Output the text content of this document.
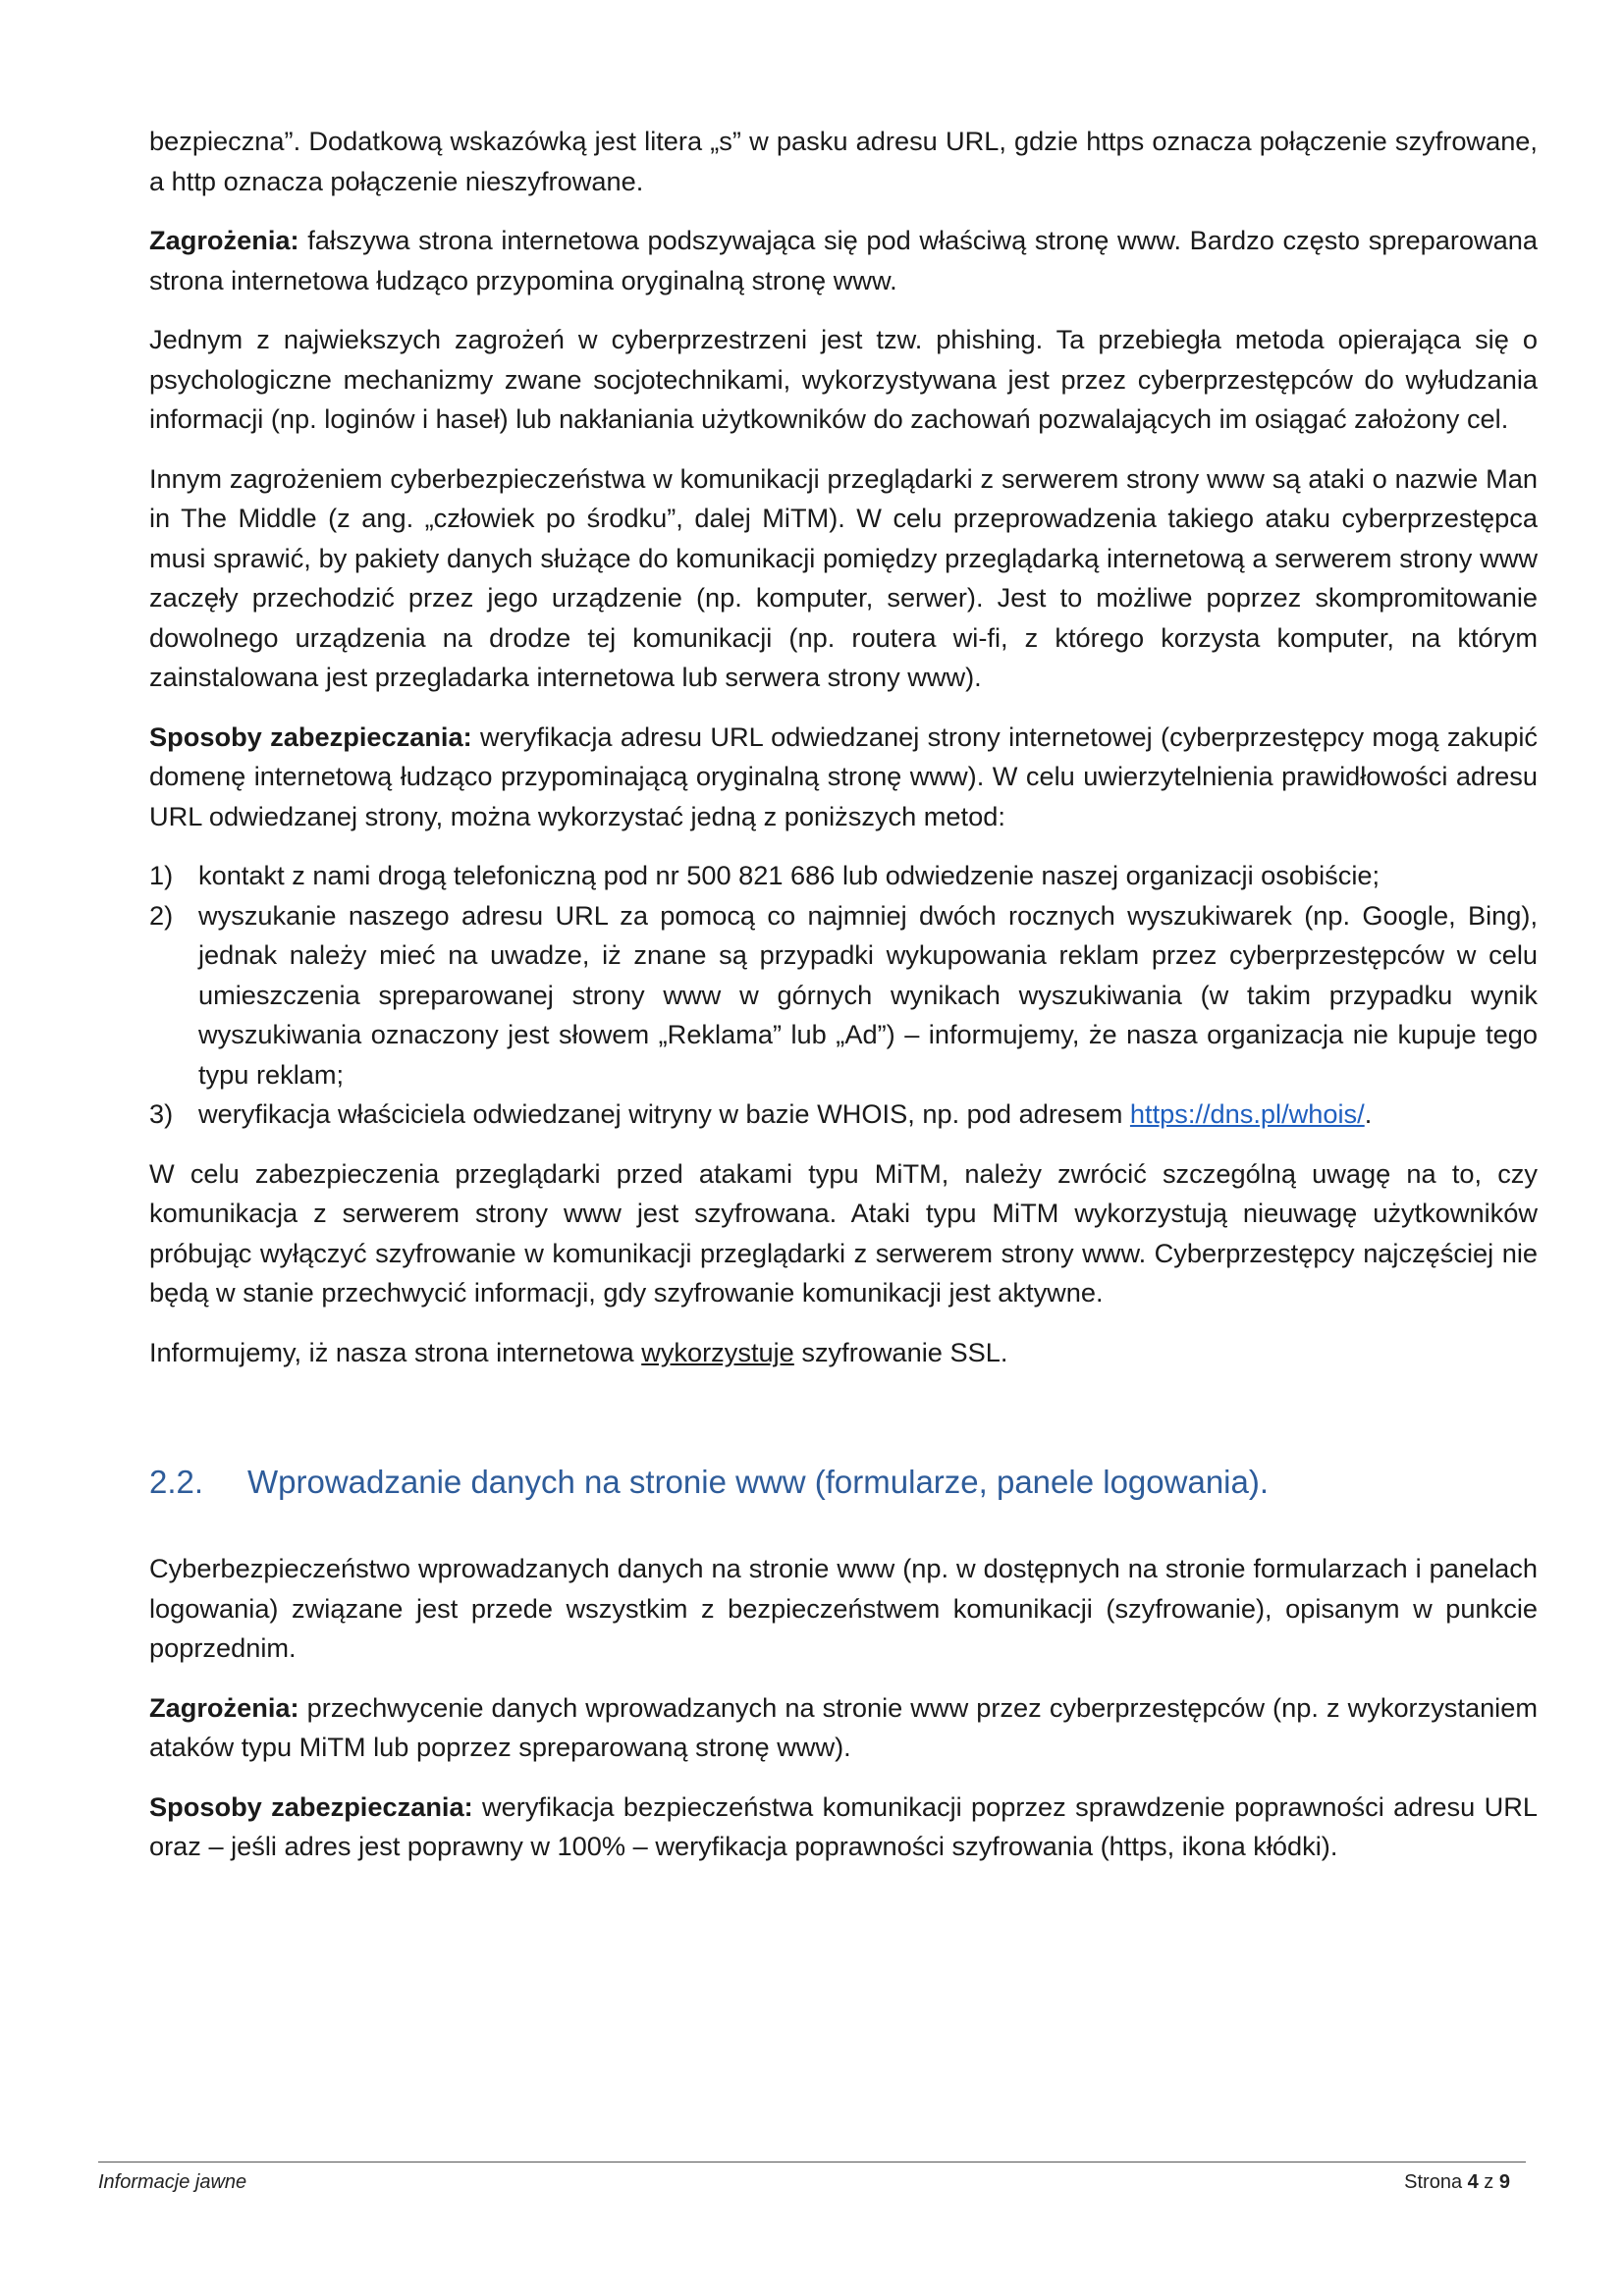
bezpieczna”. Dodatkową wskazówką jest litera „s” w pasku adresu URL, gdzie https oznacza połączenie szyfrowane, a http oznacza połączenie nieszyfrowane.

Zagrożenia: fałszywa strona internetowa podszywająca się pod właściwą stronę www. Bardzo często spreparowana strona internetowa łudząco przypomina oryginalną stronę www.

Jednym z najwiekszych zagrożeń w cyberprzestrzeni jest tzw. phishing. Ta przebiegła metoda opierająca się o psychologiczne mechanizmy zwane socjotechnikami, wykorzystywana jest przez cyberprzestępców do wyłudzania informacji (np. loginów i haseł) lub nakłaniania użytkowników do zachowań pozwalających im osiągać założony cel.

Innym zagrożeniem cyberbezpieczeństwa w komunikacji przeglądarki z serwerem strony www są ataki o nazwie Man in The Middle (z ang. „człowiek po środku”, dalej MiTM). W celu przeprowadzenia takiego ataku cyberprzestępca musi sprawić, by pakiety danych służące do komunikacji pomiędzy przeglądarką internetową a serwerem strony www zaczęły przechodzić przez jego urządzenie (np. komputer, serwer). Jest to możliwe poprzez skompromitowanie dowolnego urządzenia na drodze tej komunikacji (np. routera wi-fi, z którego korzysta komputer, na którym zainstalowana jest przegladarka internetowa lub serwera strony www).

Sposoby zabezpieczania: weryfikacja adresu URL odwiedzanej strony internetowej (cyberprzestępcy mogą zakupić domenę internetową łudząco przypominającą oryginalną stronę www). W celu uwierzytelnienia prawidłowości adresu URL odwiedzanej strony, można wykorzystać jedną z poniższych metod:

1) kontakt z nami drogą telefoniczną pod nr 500 821 686 lub odwiedzenie naszej organizacji osobiście;
2) wyszukanie naszego adresu URL za pomocą co najmniej dwóch rocznych wyszukiwarek (np. Google, Bing), jednak należy mieć na uwadze, iż znane są przypadki wykupowania reklam przez cyberprzestępców w celu umieszczenia spreparowanej strony www w górnych wynikach wyszukiwania (w takim przypadku wynik wyszukiwania oznaczony jest słowem „Reklama” lub „Ad”) – informujemy, że nasza organizacja nie kupuje tego typu reklam;
3) weryfikacja właściciela odwiedzanej witryny w bazie WHOIS, np. pod adresem https://dns.pl/whois/.

W celu zabezpieczenia przeglądarki przed atakami typu MiTM, należy zwrócić szczególną uwagę na to, czy komunikacja z serwerem strony www jest szyfrowana. Ataki typu MiTM wykorzystują nieuwagę użytkowników próbując wyłączyć szyfrowanie w komunikacji przeglądarki z serwerem strony www. Cyberprzestępcy najczęściej nie będą w stanie przechwycić informacji, gdy szyfrowanie komunikacji jest aktywne.

Informujemy, iż nasza strona internetowa wykorzystuje szyfrowanie SSL.

2.2. Wprowadzanie danych na stronie www (formularze, panele logowania).

Cyberbezpieczeństwo wprowadzanych danych na stronie www (np. w dostępnych na stronie formularzach i panelach logowania) związane jest przede wszystkim z bezpieczeństwem komunikacji (szyfrowanie), opisanym w punkcie poprzednim.

Zagrożenia: przechwycenie danych wprowadzanych na stronie www przez cyberprzestępców (np. z wykorzystaniem ataków typu MiTM lub poprzez spreparowaną stronę www).

Sposoby zabezpieczania: weryfikacja bezpieczeństwa komunikacji poprzez sprawdzenie poprawności adresu URL oraz – jeśli adres jest poprawny w 100% – weryfikacja poprawności szyfrowania (https, ikona kłódki).

Informacje jawne	Strona 4 z 9
